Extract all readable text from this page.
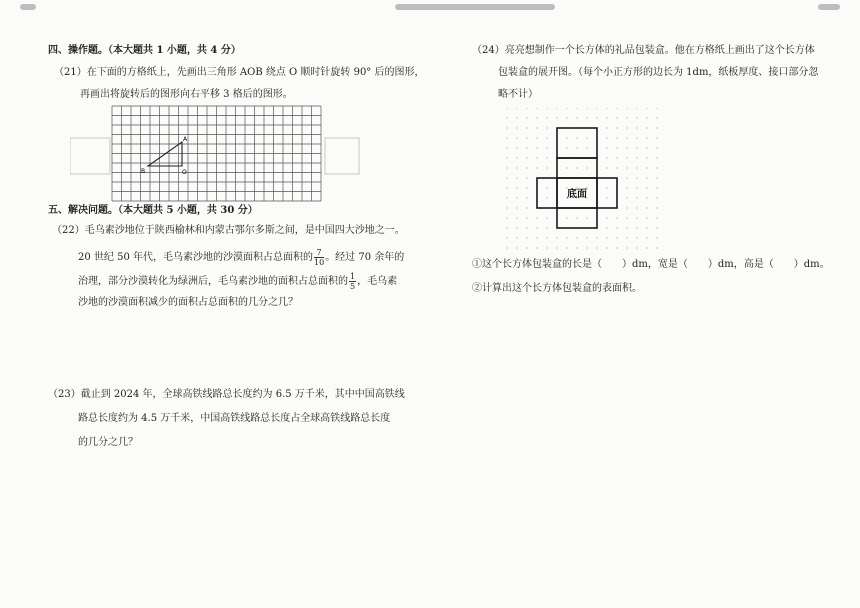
四、操作题。（本大题共 1 小题，共 4 分）
（21）在下面的方格纸上，先画出三角形 AOB 绕点 O 顺时针旋转 90° 后的图形，
再画出将旋转后的图形向右平移 3 格后的图形。
A
B	O
五、解决问题。（本大题共 5 小题，共 30 分）
（22）毛乌素沙地位于陕西榆林和内蒙古鄂尔多斯之间，是中国四大沙地之一。
20 世纪 50 年代，毛乌素沙地的沙漠面积占总面积的 $\frac{7}{10}$ 。经过 70 余年的
治理，部分沙漠转化为绿洲后，毛乌素沙地的面积占总面积的 $\frac{1}{5}$ ，毛乌素
沙地的沙漠面积减少的面积占总面积的几分之几？
（23）截止到 2024 年，全球高铁线路总长度约为 6.5 万千米，其中中国高铁线
路总长度约为 4.5 万千米，中国高铁线路总长度占全球高铁线路总长度
的几分之几？
（24）亮亮想制作一个长方体的礼品包装盒。他在方格纸上画出了这个长方体
包装盒的展开图。（每个小正方形的边长为 1dm，纸板厚度、接口部分忽
略不计）
底面
①这个长方体包装盒的长是（　　）dm，宽是（　　）dm，高是（　　）dm。
②计算出这个长方体包装盒的表面积。
